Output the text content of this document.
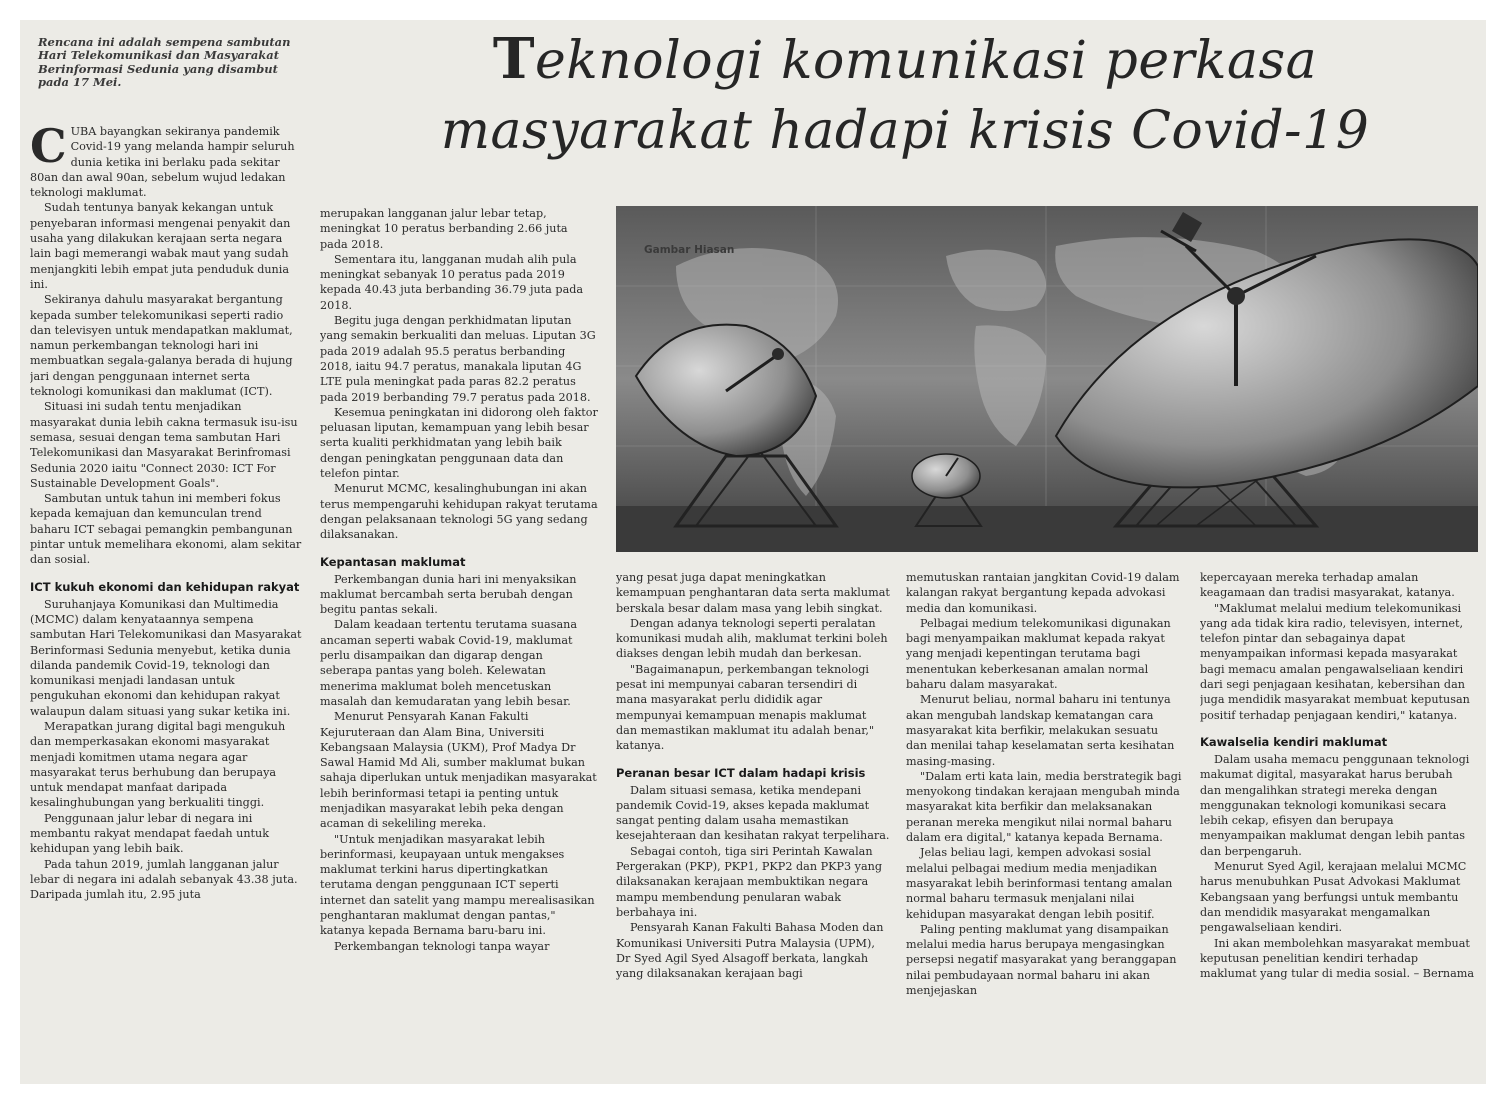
Rencana ini adalah sempena sambutan Hari Telekomunikasi dan Masyarakat Berinformasi Sedunia yang disambut pada 17 Mei.	Teknologi komunikasi perkasa
masyarakat hadapi krisis Covid-19
Gambar Hiasan

CUBA bayangkan sekiranya pandemik Covid-19 yang melanda hampir seluruh dunia ketika ini berlaku pada sekitar 80an dan awal 90an, sebelum wujud ledakan teknologi maklumat.

Sudah tentunya banyak kekangan untuk penyebaran informasi mengenai penyakit dan usaha yang dilakukan kerajaan serta negara lain bagi memerangi wabak maut yang sudah menjangkiti lebih empat juta penduduk dunia ini.

Sekiranya dahulu masyarakat bergantung kepada sumber telekomunikasi seperti radio dan televisyen untuk mendapatkan maklumat, namun perkembangan teknologi hari ini membuatkan segala-galanya berada di hujung jari dengan penggunaan internet serta teknologi komunikasi dan maklumat (ICT).

Situasi ini sudah tentu menjadikan masyarakat dunia lebih cakna termasuk isu-isu semasa, sesuai dengan tema sambutan Hari Telekomunikasi dan Masyarakat Berinfromasi Sedunia 2020 iaitu "Connect 2030: ICT For Sustainable Development Goals".

Sambutan untuk tahun ini memberi fokus kepada kemajuan dan kemunculan trend baharu ICT sebagai pemangkin pembangunan pintar untuk memelihara ekonomi, alam sekitar dan sosial.

ICT kukuh ekonomi dan kehidupan rakyat

Suruhanjaya Komunikasi dan Multimedia (MCMC) dalam kenyataannya sempena sambutan Hari Telekomunikasi dan Masyarakat Berinformasi Sedunia menyebut, ketika dunia dilanda pandemik Covid-19, teknologi dan komunikasi menjadi landasan untuk pengukuhan ekonomi dan kehidupan rakyat walaupun dalam situasi yang sukar ketika ini.

Merapatkan jurang digital bagi mengukuh dan memperkasakan ekonomi masyarakat menjadi komitmen utama negara agar masyarakat terus berhubung dan berupaya untuk mendapat manfaat daripada kesalinghubungan yang berkualiti tinggi.

Penggunaan jalur lebar di negara ini membantu rakyat mendapat faedah untuk kehidupan yang lebih baik.

Pada tahun 2019, jumlah langganan jalur lebar di negara ini adalah sebanyak 43.38 juta. Daripada jumlah itu, 2.95 juta

merupakan langganan jalur lebar tetap, meningkat 10 peratus berbanding 2.66 juta pada 2018.

Sementara itu, langganan mudah alih pula meningkat sebanyak 10 peratus pada 2019 kepada 40.43 juta berbanding 36.79 juta pada 2018.

Begitu juga dengan perkhidmatan liputan yang semakin berkualiti dan meluas. Liputan 3G pada 2019 adalah 95.5 peratus berbanding 2018, iaitu 94.7 peratus, manakala liputan 4G LTE pula meningkat pada paras 82.2 peratus pada 2019 berbanding 79.7 peratus pada 2018.

Kesemua peningkatan ini didorong oleh faktor peluasan liputan, kemampuan yang lebih besar serta kualiti perkhidmatan yang lebih baik dengan peningkatan penggunaan data dan telefon pintar.

Menurut MCMC, kesalinghubungan ini akan terus mempengaruhi kehidupan rakyat terutama dengan pelaksanaan teknologi 5G yang sedang dilaksanakan.

Kepantasan maklumat

Perkembangan dunia hari ini menyaksikan maklumat bercambah serta berubah dengan begitu pantas sekali.

Dalam keadaan tertentu terutama suasana ancaman seperti wabak Covid-19, maklumat perlu disampaikan dan digarap dengan seberapa pantas yang boleh. Kelewatan menerima maklumat boleh mencetuskan masalah dan kemudaratan yang lebih besar.

Menurut Pensyarah Kanan Fakulti Kejuruteraan dan Alam Bina, Universiti Kebangsaan Malaysia (UKM), Prof Madya Dr Sawal Hamid Md Ali, sumber maklumat bukan sahaja diperlukan untuk menjadikan masyarakat lebih berinformasi tetapi ia penting untuk menjadikan masyarakat lebih peka dengan acaman di sekeliling mereka.

"Untuk menjadikan masyarakat lebih berinformasi, keupayaan untuk mengakses maklumat terkini harus dipertingkatkan terutama dengan penggunaan ICT seperti internet dan satelit yang mampu merealisasikan penghantaran maklumat dengan pantas," katanya kepada Bernama baru-baru ini.

Perkembangan teknologi tanpa wayar

yang pesat juga dapat meningkatkan kemampuan penghantaran data serta maklumat berskala besar dalam masa yang lebih singkat.

Dengan adanya teknologi seperti peralatan komunikasi mudah alih, maklumat terkini boleh diakses dengan lebih mudah dan berkesan.

"Bagaimanapun, perkembangan teknologi pesat ini mempunyai cabaran tersendiri di mana masyarakat perlu dididik agar mempunyai kemampuan menapis maklumat dan memastikan maklumat itu adalah benar," katanya.

Peranan besar ICT dalam hadapi krisis

Dalam situasi semasa, ketika mendepani pandemik Covid-19, akses kepada maklumat sangat penting dalam usaha memastikan kesejahteraan dan kesihatan rakyat terpelihara.

Sebagai contoh, tiga siri Perintah Kawalan Pergerakan (PKP), PKP1, PKP2 dan PKP3 yang dilaksanakan kerajaan membuktikan negara mampu membendung penularan wabak berbahaya ini.

Pensyarah Kanan Fakulti Bahasa Moden dan Komunikasi Universiti Putra Malaysia (UPM), Dr Syed Agil Syed Alsagoff berkata, langkah yang dilaksanakan kerajaan bagi

memutuskan rantaian jangkitan Covid-19 dalam kalangan rakyat bergantung kepada advokasi media dan komunikasi.

Pelbagai medium telekomunikasi digunakan bagi menyampaikan maklumat kepada rakyat yang menjadi kepentingan terutama bagi menentukan keberkesanan amalan normal baharu dalam masyarakat.

Menurut beliau, normal baharu ini tentunya akan mengubah landskap kematangan cara masyarakat kita berfikir, melakukan sesuatu dan menilai tahap keselamatan serta kesihatan masing-masing.

"Dalam erti kata lain, media berstrategik bagi menyokong tindakan kerajaan mengubah minda masyarakat kita berfikir dan melaksanakan peranan mereka mengikut nilai normal baharu dalam era digital," katanya kepada Bernama.

Jelas beliau lagi, kempen advokasi sosial melalui pelbagai medium media menjadikan masyarakat lebih berinformasi tentang amalan normal baharu termasuk menjalani nilai kehidupan masyarakat dengan lebih positif.

Paling penting maklumat yang disampaikan melalui media harus berupaya mengasingkan persepsi negatif masyarakat yang beranggapan nilai pembudayaan normal baharu ini akan menjejaskan

kepercayaan mereka terhadap amalan keagamaan dan tradisi masyarakat, katanya.

"Maklumat melalui medium telekomunikasi yang ada tidak kira radio, televisyen, internet, telefon pintar dan sebagainya dapat menyampaikan informasi kepada masyarakat bagi memacu amalan pengawalseliaan kendiri dari segi penjagaan kesihatan, kebersihan dan juga mendidik masyarakat membuat keputusan positif terhadap penjagaan kendiri," katanya.

Kawalselia kendiri maklumat

Dalam usaha memacu penggunaan teknologi makumat digital, masyarakat harus berubah dan mengalihkan strategi mereka dengan menggunakan teknologi komunikasi secara lebih cekap, efisyen dan berupaya menyampaikan maklumat dengan lebih pantas dan berpengaruh.

Menurut Syed Agil, kerajaan melalui MCMC harus menubuhkan Pusat Advokasi Maklumat Kebangsaan yang berfungsi untuk membantu dan mendidik masyarakat mengamalkan pengawalseliaan kendiri.

Ini akan membolehkan masyarakat membuat keputusan penelitian kendiri terhadap maklumat yang tular di media sosial. – Bernama
